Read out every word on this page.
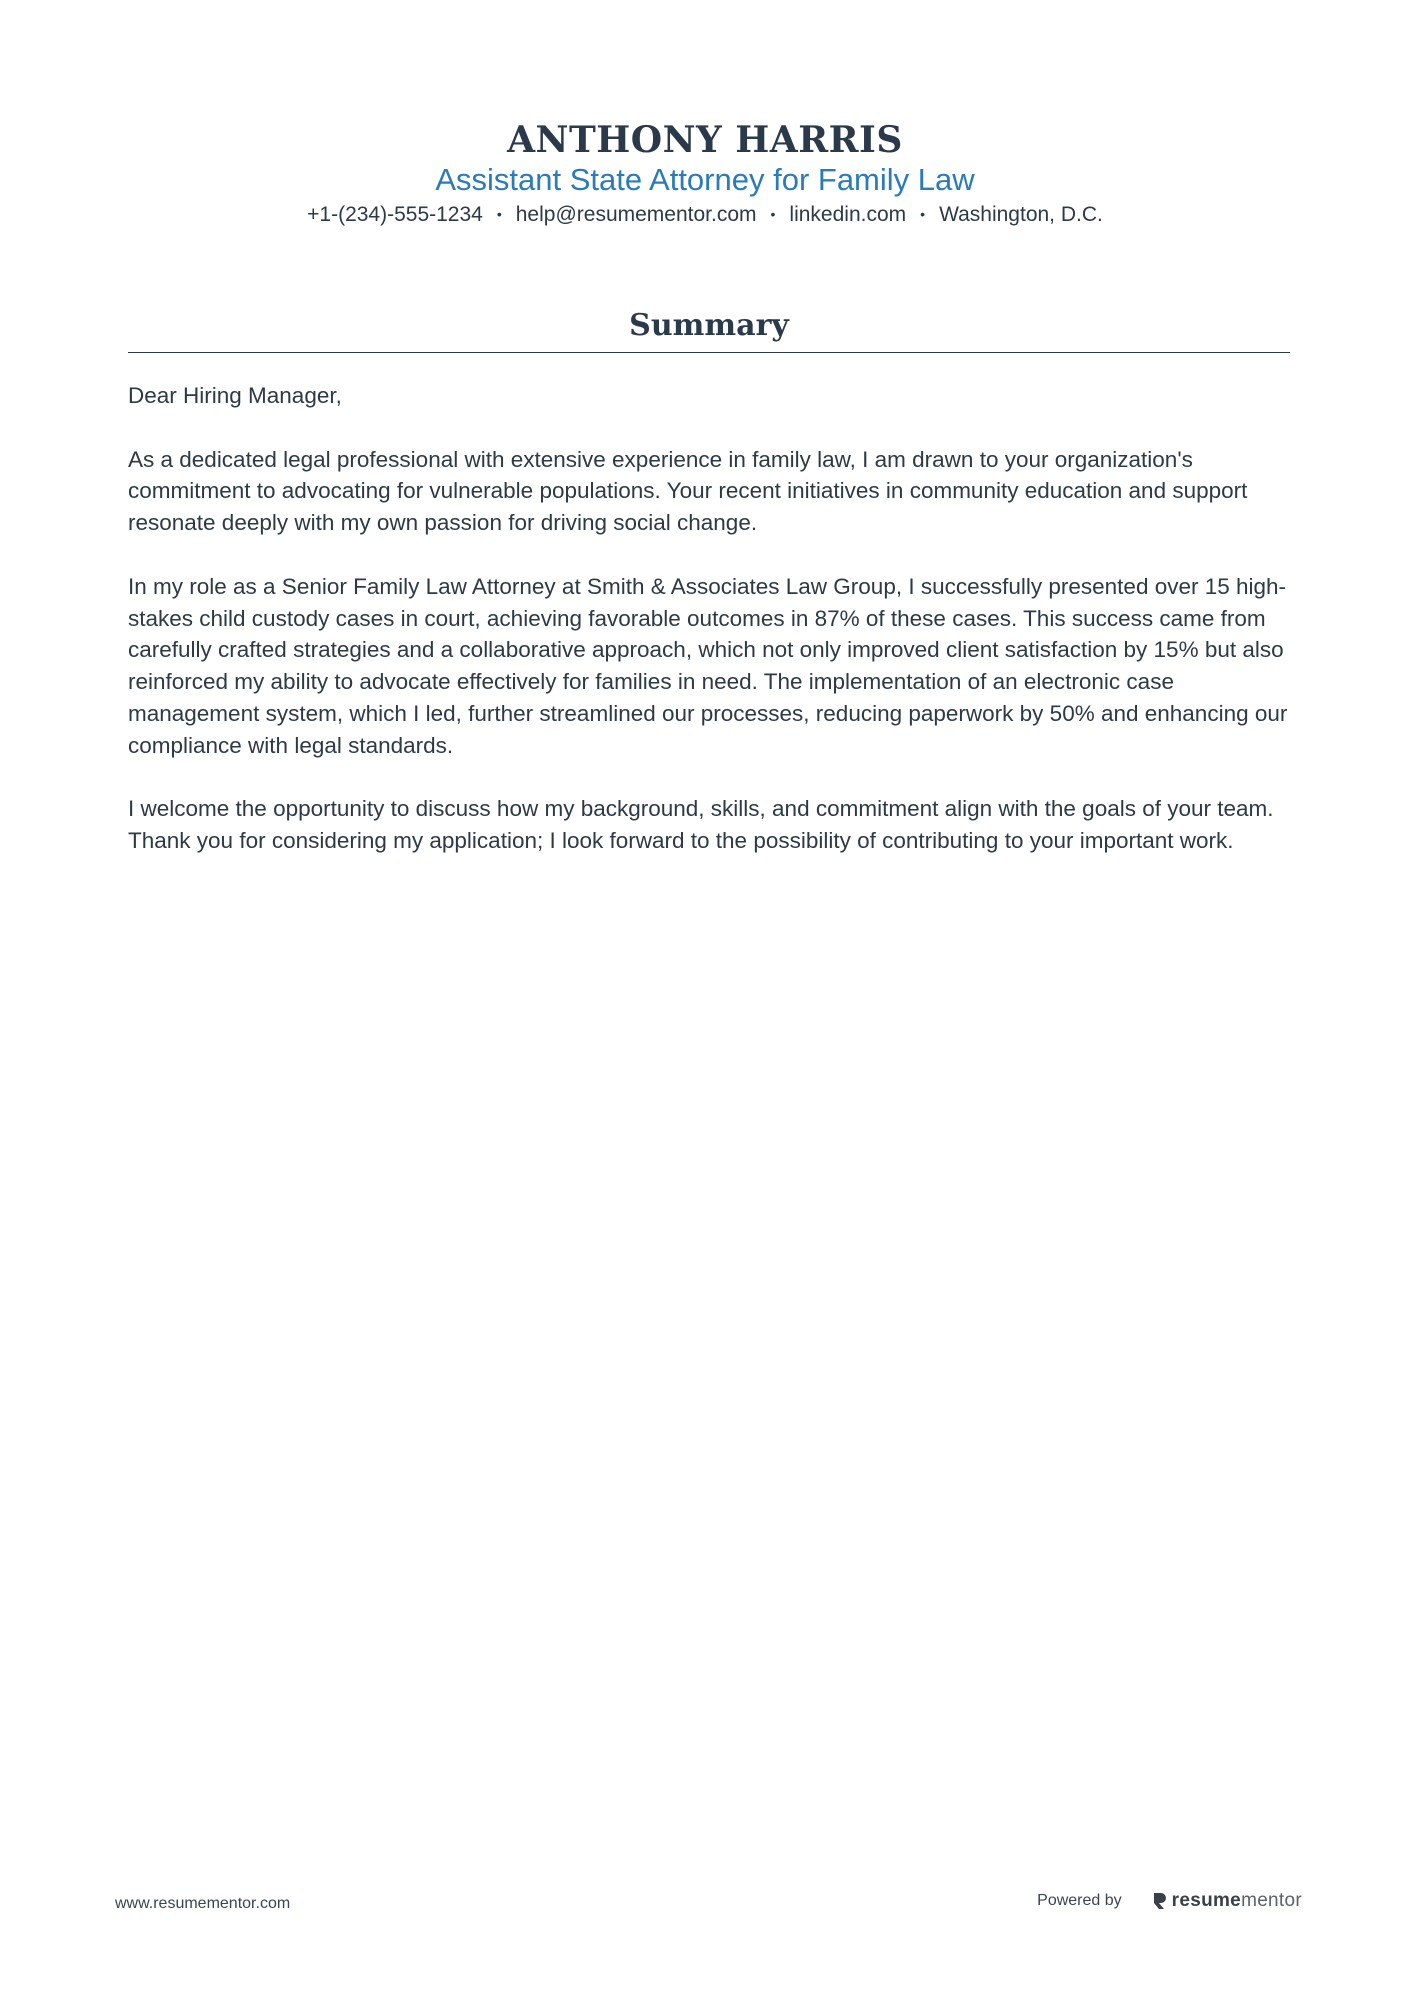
ANTHONY HARRIS
Assistant State Attorney for Family Law
+1-(234)-555-1234 • help@resumementor.com • linkedin.com • Washington, D.C.
Summary

Dear Hiring Manager,

As a dedicated legal professional with extensive experience in family law, I am drawn to your organization's commitment to advocating for vulnerable populations. Your recent initiatives in community education and support resonate deeply with my own passion for driving social change.

In my role as a Senior Family Law Attorney at Smith & Associates Law Group, I successfully presented over 15 high-stakes child custody cases in court, achieving favorable outcomes in 87% of these cases. This success came from carefully crafted strategies and a collaborative approach, which not only improved client satisfaction by 15% but also reinforced my ability to advocate effectively for families in need. The implementation of an electronic case management system, which I led, further streamlined our processes, reducing paperwork by 50% and enhancing our compliance with legal standards.

I welcome the opportunity to discuss how my background, skills, and commitment align with the goals of your team. Thank you for considering my application; I look forward to the possibility of contributing to your important work.

www.resumementor.com	Powered by	resume mentor
